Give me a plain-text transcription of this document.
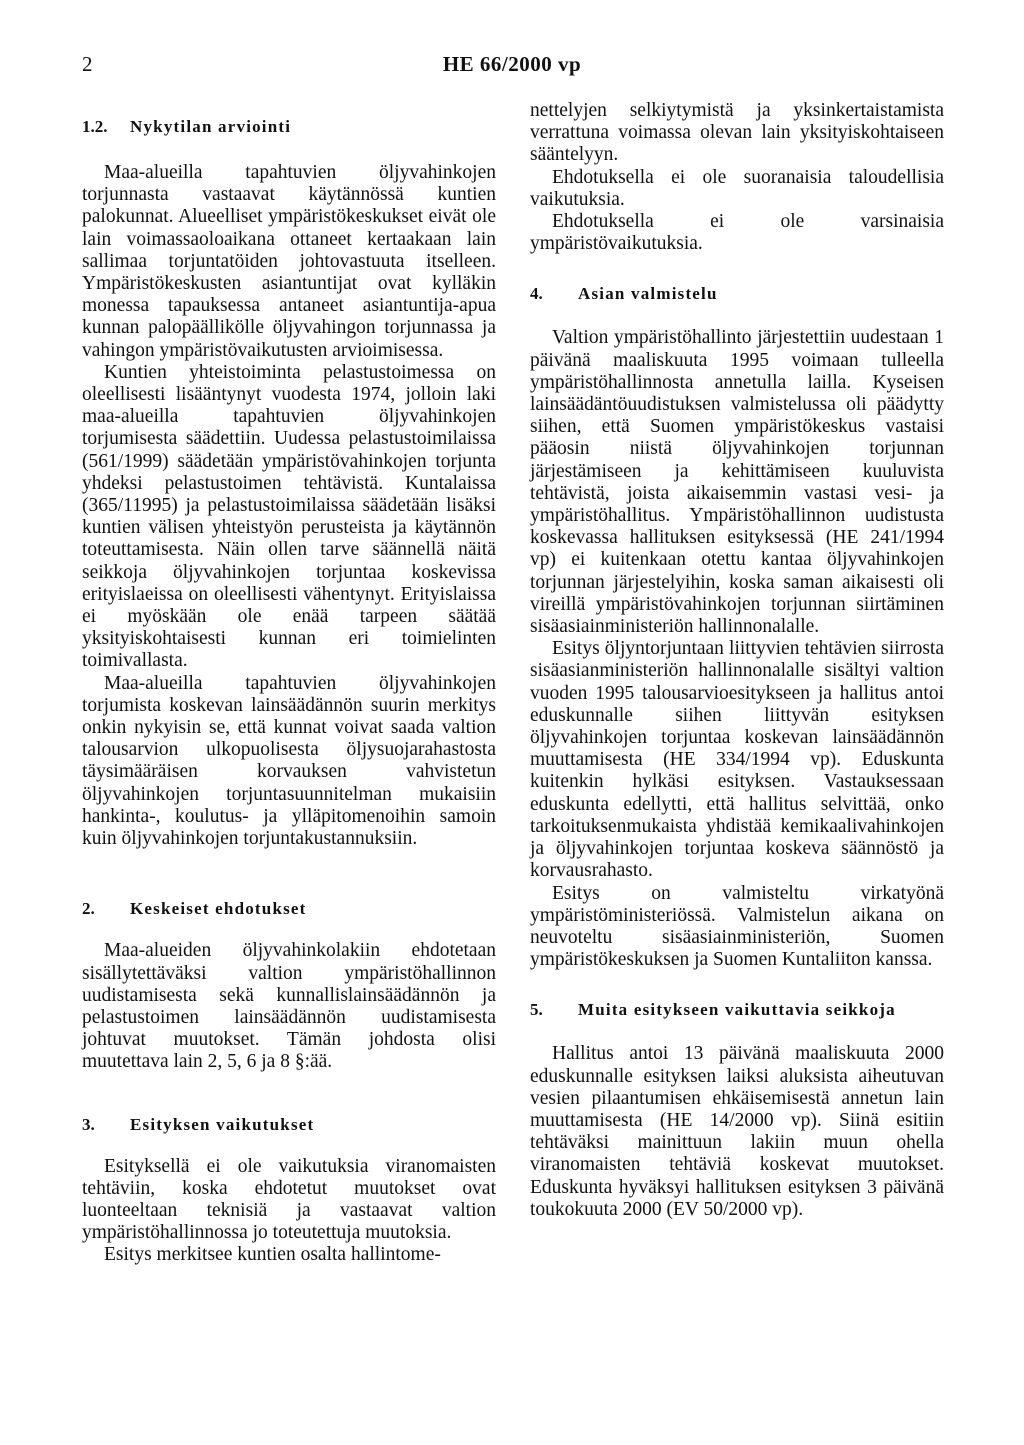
2	HE 66/2000 vp
1.2. Nykytilan arviointi

Maa-alueilla tapahtuvien öljyvahinkojen torjunnasta vastaavat käytännössä kuntien palokunnat. Alueelliset ympäristökeskukset eivät ole lain voimassaoloaikana ottaneet kertaakaan lain sallimaa torjuntatöiden johtovastuuta itselleen. Ympäristökeskusten asiantuntijat ovat kylläkin monessa tapauksessa antaneet asiantuntija-apua kunnan palopäällikölle öljyvahingon torjunnassa ja vahingon ympäristövaikutusten arvioimisessa.

Kuntien yhteistoiminta pelastustoimessa on oleellisesti lisääntynyt vuodesta 1974, jolloin laki maa-alueilla tapahtuvien öljyvahinkojen torjumisesta säädettiin. Uudessa pelastustoimilaissa (561/1999) säädetään ympäristövahinkojen torjunta yhdeksi pelastustoimen tehtävistä. Kuntalaissa (365/11995) ja pelastustoimilaissa säädetään lisäksi kuntien välisen yhteistyön perusteista ja käytännön toteuttamisesta. Näin ollen tarve säännellä näitä seikkoja öljyvahinkojen torjuntaa koskevissa erityislaeissa on oleellisesti vähentynyt. Erityislaissa ei myöskään ole enää tarpeen säätää yksityiskohtaisesti kunnan eri toimielinten toimivallasta.

Maa-alueilla tapahtuvien öljyvahinkojen torjumista koskevan lainsäädännön suurin merkitys onkin nykyisin se, että kunnat voivat saada valtion talousarvion ulkopuolisesta öljysuojarahastosta täysimääräisen korvauksen vahvistetun öljyvahinkojen torjuntasuunnitelman mukaisiin hankinta-, koulutus- ja ylläpitomenoihin samoin kuin öljyvahinkojen torjuntakustannuksiin.

2. Keskeiset ehdotukset

Maa-alueiden öljyvahinkolakiin ehdotetaan sisällytettäväksi valtion ympäristöhallinnon uudistamisesta sekä kunnallislainsäädännön ja pelastustoimen lainsäädännön uudistamisesta johtuvat muutokset. Tämän johdosta olisi muutettava lain 2, 5, 6 ja 8 §:ää.

3. Esityksen vaikutukset

Esityksellä ei ole vaikutuksia viranomaisten tehtäviin, koska ehdotetut muutokset ovat luonteeltaan teknisiä ja vastaavat valtion ympäristöhallinnossa jo toteutettuja muutoksia.

Esitys merkitsee kuntien osalta hallintome-

nettelyjen selkiytymistä ja yksinkertaistamista verrattuna voimassa olevan lain yksityiskohtaiseen sääntelyyn.

Ehdotuksella ei ole suoranaisia taloudellisia vaikutuksia.

Ehdotuksella ei ole varsinaisia ympäristövaikutuksia.

4. Asian valmistelu

Valtion ympäristöhallinto järjestettiin uudestaan 1 päivänä maaliskuuta 1995 voimaan tulleella ympäristöhallinnosta annetulla lailla. Kyseisen lainsäädäntöuudistuksen valmistelussa oli päädytty siihen, että Suomen ympäristökeskus vastaisi pääosin niistä öljyvahinkojen torjunnan järjestämiseen ja kehittämiseen kuuluvista tehtävistä, joista aikaisemmin vastasi vesi- ja ympäristöhallitus. Ympäristöhallinnon uudistusta koskevassa hallituksen esityksessä (HE 241/1994 vp) ei kuitenkaan otettu kantaa öljyvahinkojen torjunnan järjestelyihin, koska saman aikaisesti oli vireillä ympäristövahinkojen torjunnan siirtäminen sisäasiainministeriön hallinnonalalle.

Esitys öljyntorjuntaan liittyvien tehtävien siirrosta sisäasianministeriön hallinnonalalle sisältyi valtion vuoden 1995 talousarvioesitykseen ja hallitus antoi eduskunnalle siihen liittyvän esityksen öljyvahinkojen torjuntaa koskevan lainsäädännön muuttamisesta (HE 334/1994 vp). Eduskunta kuitenkin hylkäsi esityksen. Vastauksessaan eduskunta edellytti, että hallitus selvittää, onko tarkoituksenmukaista yhdistää kemikaalivahinkojen ja öljyvahinkojen torjuntaa koskeva säännöstö ja korvausrahasto.

Esitys on valmisteltu virkatyönä ympäristöministeriössä. Valmistelun aikana on neuvoteltu sisäasiainministeriön, Suomen ympäristökeskuksen ja Suomen Kuntaliiton kanssa.

5.	Muita esitykseen vaikuttavia seikkoja

Hallitus antoi 13 päivänä maaliskuuta 2000 eduskunnalle esityksen laiksi aluksista aiheutuvan vesien pilaantumisen ehkäisemisestä annetun lain muuttamisesta (HE 14/2000 vp). Siinä esitiin tehtäväksi mainittuun lakiin muun ohella viranomaisten tehtäviä koskevat muutokset. Eduskunta hyväksyi hallituksen esityksen 3 päivänä toukokuuta 2000 (EV 50/2000 vp).
